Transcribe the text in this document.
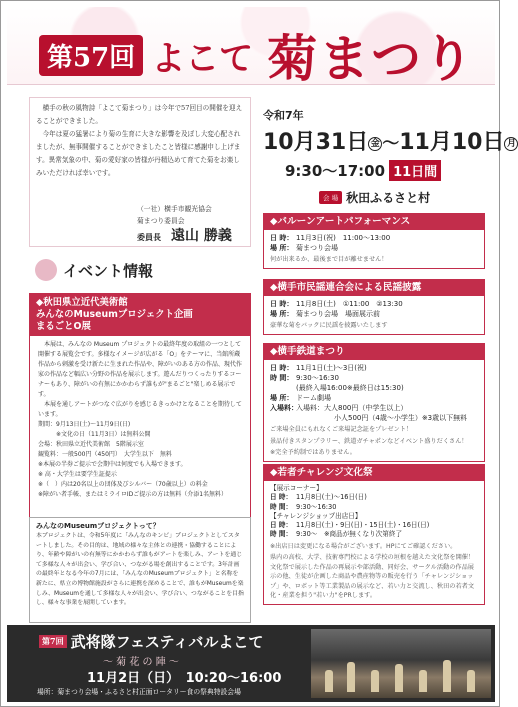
第57回 よこて 菊まつり

横手の秋の風物詩「よこて菊まつり」は今年で57回目の開催を迎えることができました。

今年は夏の猛暑により菊の生育に大きな影響を及ぼし大変心配されましたが、無事開催することができましたこと皆様に感謝申し上げます。異常気象の中、菊の愛好家の皆様が丹精込めて育てた菊をお楽しみいただければ幸いです。

（一社）横手市観光協会
菊まつり委員会
委員長 遠山 勝義
令和7年
10月31日 金 ～11月10日 月
9:30～17:00 11日間
会 場 秋田ふるさと村
イベント情報
◆秋田県立近代美術館
みんなのMuseumプロジェクト企画
まるごとO展

本展は、みんなの Museum プロジェクトの最終年度の取組の一つとして開催する展覧会です。多様なイメージが広がる「O」をテーマに、当館所蔵作品から刺激を受け新たに生まれた作品や、障がいのある方の作品、現代作家の作品など幅広い分野の作品を展示します。遊んだりつくったりするコーナーもあり、障がいの有無にかかわらず誰もが"まるごと"楽しめる展示です。

本展を通しアートがつなぐ広がりを感じるきっかけとなることを期待しています。

期間：9月13日(土)～11月9日(日)

　　　※文化の日（11月3日）は無料公開

会場：秋田県立近代美術館　5階展示室

観覧料：一般500円（450円）　大学生以下　無料

※本展の半券ご提示で会期中は何度でも入場できます。

※ 高・大学生は要学生証提示

※（　）内は20名以上の団体及びシルバー（70歳以上）の料金

※障がい者手帳、またはミライロIDご提示の方は無料（介添1名無料）

みんなのMuseumプロジェクトって？

本プロジェクトは、令和5年度に「みんなのキンビ」プロジェクトとしてスタートしました。その目的は、地域の様々な主体との連携・協働することにより、年齢や障がいの有無等にかかわらず誰もがアートを楽しみ、アートを通じて多様な人々が出会い、学び合い、つながる場を創出することです。3年計画の最終年となる今年の7月には、「みんなのMuseumプロジェクト」と名称を新たに、県立の博物館施設がさらに連携を深めることで、誰もがMuseumを楽しみ、Museumを通して多様な人々が出会い、学び合い、つながることを目指し、様々な事業を展開しています。

◆バルーンアートパフォーマンス
日 時： 11月3日(祝)　11:00～13:00
場 所： 菊まつり会場
何が出来るか、最後まで目が離せません！
◆横手市民謡連合会による民謡披露
日 時： 11月8日(土)　①11:00　②13:30
場 所： 菊まつり会場　場面展示前
豪華な菊をバックに民謡を披露いたします
◆横手鉄道まつり
日 時： 11月1日(土)～3日(祝)
時 間： 9:30～16:30
(最終入場16:00※最終日は15:30)
場 所： ドーム劇場
入場料：入場料：大人800円（中学生以上）
小人500円（4歳～小学生）※3歳以下無料
ご来場全員にもれなくご来場記念証をプレゼント！
景品付きスタンプラリー、鉄道ガチャポンなどイベント盛りだくさん！
※完全予約制ではありません。
◆若者チャレンジ文化祭
【展示コーナー】
日 時： 11月8日(土)～16日(日)
時 間： 9:30～16:30
【チャレンジショップ出店日】
日 時： 11月8日(土)・9日(日)・15日(土)・16日(日)
時 間： 9:30～　※商品が無くなり次第終了
※出店日は変更になる場合がございます。HPにてご確認ください。
県内の高校、大学、技術専門校による学校の垣根を越えた文化祭を開催！文化祭で展示した作品の再展示や部活動、同好会、サークル活動の作品展示の他、生徒が企画した商品や農産物等の販売を行う「チャレンジショップ」や、ロボット等工業製品の展示など、若い力と交流し、秋田の若者文化・産業を担う"若い力"をPRします。
第7回 武将隊フェスティバルよこて
～ 菊 花 の 陣 ～
11月2日（日）　10:20～16:00
場所：菊まつり会場・ふるさと村正面ロータリー食の祭典特設会場
